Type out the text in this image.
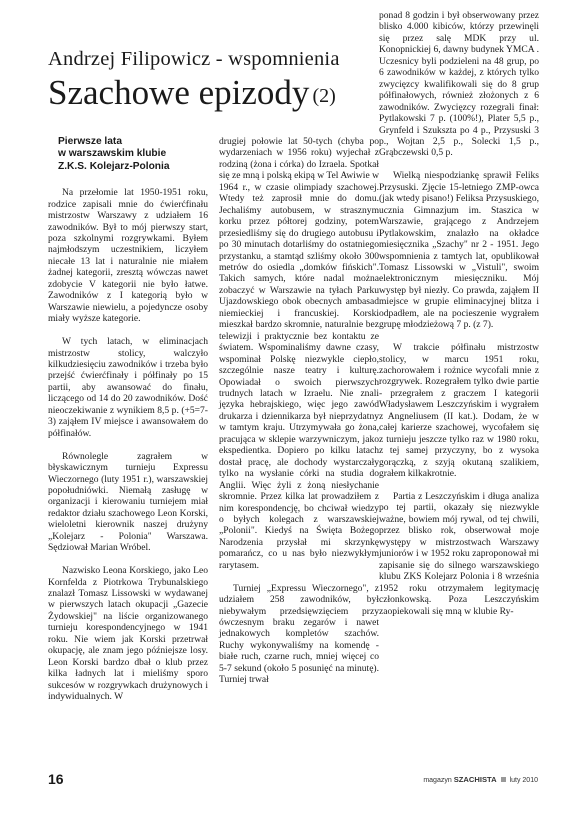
Andrzej Filipowicz - wspomnienia
Szachowe epizody (2)
Pierwsze lata
w warszawskim klubie
Z.K.S. Kolejarz-Polonia

Na przełomie lat 1950-1951 roku, rodzice zapisali mnie do ćwierćfinału mistrzostw Warszawy z udziałem 16 zawodników. Był to mój pierwszy start, poza szkolnymi rozgrywkami. Byłem najmłodszym uczestnikiem, liczyłem niecałe 13 lat i naturalnie nie miałem żadnej kategorii, zresztą wówczas nawet zdobycie V kategorii nie było łatwe. Zawodników z I kategorią było w Warszawie niewielu, a pojedyncze osoby miały wyższe kategorie.

W tych latach, w eliminacjach mistrzostw stolicy, walczyło kilkudziesięciu zawodników i trzeba było przejść ćwierćfinały i półfinały po 15 partii, aby awansować do finału, liczącego od 14 do 20 zawodników. Dość nieoczekiwanie z wynikiem 8,5 p. (+5=7-3) zająłem IV miejsce i awansowałem do półfinałów.

Równolegle zagrałem w błyskawicznym turnieju Expressu Wieczornego (luty 1951 r.), warszawskiej popołudniówki. Niemałą zasługę w organizacji i kierowaniu turniejem miał redaktor działu szachowego Leon Korski, wieloletni kierownik naszej drużyny „Kolejarz - Polonia" Warszawa. Sędziował Marian Wróbel.

Nazwisko Leona Korskiego, jako Leo Kornfelda z Piotrkowa Trybunalskiego znalazł Tomasz Lissowski w wydawanej w pierwszych latach okupacji „Gazecie Żydowskiej" na liście organizowanego turnieju korespondencyjnego w 1941 roku. Nie wiem jak Korski przetrwał okupację, ale znam jego późniejsze losy. Leon Korski bardzo dbał o klub przez kilka ładnych lat i mieliśmy sporo sukcesów w rozgrywkach drużynowych i indywidualnych. W

drugiej połowie lat 50-tych (chyba po wydarzeniach w 1956 roku) wyjechał z rodziną (żona i córka) do Izraela. Spotkał się ze mną i polską ekipą w Tel Awiwie w 1964 r., w czasie olimpiady szachowej. Wtedy też zaprosił mnie do domu. Jechaliśmy autobusem, w strasznym korku przez półtorej godziny, potem przesiedliśmy się do drugiego autobusu i po 30 minutach dotarliśmy do ostatniego przystanku, a stamtąd szliśmy około 300 metrów do osiedla „domków fińskich". Takich samych, które nadal można zobaczyć w Warszawie na tyłach Parku Ujazdowskiego obok obecnych ambasad niemieckiej i francuskiej. Korski mieszkał bardzo skromnie, naturalnie bez telewizji i praktycznie bez kontaktu ze światem. Wspominaliśmy dawne czasy, wspominał Polskę niezwykle ciepło, szczególnie nasze teatry i kulturę. Opowiadał o swoich pierwszych trudnych latach w Izraelu. Nie znali języka hebrajskiego, więc jego zawód drukarza i dziennikarza był nieprzydatny w tamtym kraju. Utrzymywała go żona, pracująca w sklepie warzywniczym, jako ekspedientka. Dopiero po kilku latach dostał pracę, ale dochody wystarczały tylko na wysłanie córki na studia do Anglii. Więc żyli z żoną niesłychanie skromnie. Przez kilka lat prowadziłem z nim korespondencję, bo chciwał wiedzy o byłych kolegach z warszawskiej „Polonii". Kiedyś na Święta Bożego Narodzenia przysłał mi skrzynkę pomarańcz, co u nas było niezwykłym rarytasem.

Turniej „Expressu Wieczornego", z udziałem 258 zawodników, był niebywałym przedsięwzięciem przy ówczesnym braku zegarów i nawet jednakowych kompletów szachów. Ruchy wykonywaliśmy na komendę - białe ruch, czarne ruch, mniej więcej co 5-7 sekund (około 5 posunięć na minutę). Turniej trwał

ponad 8 godzin i był obserwowany przez blisko 4.000 kibiców, którzy przewinęli się przez salę MDK przy ul. Konopnickiej 6, dawny budynek YMCA . Uczesnicy byli podzieleni na 48 grup, po 6 zawodników w każdej, z których tylko zwycięzcy kwalifikowali się do 8 grup półfinałowych, również złożonych z 6 zawodników. Zwycięzcy rozegrali finał: Pytlakowski 7 p. (100%!), Plater 5,5 p., Grynfeld i Szukszta po 4 p., Przysuski 3 p., Wojtan 2,5 p., Solecki 1,5 p., Grąbczewski 0,5 p.

Wielką niespodziankę sprawił Feliks Przysuski. Zjęcie 15-letniego ZMP-owca (jak wtedy pisano!) Feliksa Przysuskiego, ucznia Gimnazjum im. Staszica w Warszawie, grającego z Andrzejem Pytlakowskim, znalazło na okładce miesięcznika „Szachy" nr 2 - 1951. Jego wspomnienia z tamtych lat, opublikował Tomasz Lissowski w „Vistuli", swoim elektronicznym miesięczniku. Mój występ był niezły. Co prawda, zająłem II miejsce w grupie eliminacyjnej blitza i odpadłem, ale na pocieszenie wygrałem grupę młodzieżową 7 p. (z 7).

W trakcie półfinału mistrzostw stolicy, w marcu 1951 roku, zachorowałem i rożnice wycofali mnie z rozgrywek. Rozegrałem tylko dwie partie - przegrałem z graczem I kategorii Władysławem Leszczyńskim i wygrałem z Angneliusem (II kat.). Dodam, że w całej karierze szachowej, wycofałem się z turnieju jeszcze tylko raz w 1980 roku, z tej samej przyczyny, bo z wysoka gorączką, z szyją okutaną szalikiem, grałem kilkakrotnie.

Partia z Leszczyńskim i długa analiza po tej partii, okazały się niezwykle ważne, bowiem mój rywal, od tej chwili, przez blisko rok, obserwował moje występy w mistrzostwach Warszawy juniorów i w 1952 roku zaproponował mi zapisanie się do silnego warszawskiego klubu ZKS Kolejarz Polonia i 8 września 1952 roku otrzymałem legitymację członkowską. Poza Leszczyńskim zaopiekowali się mną w klubie Ry-

16	magazyn SZACHISTA luty 2010
